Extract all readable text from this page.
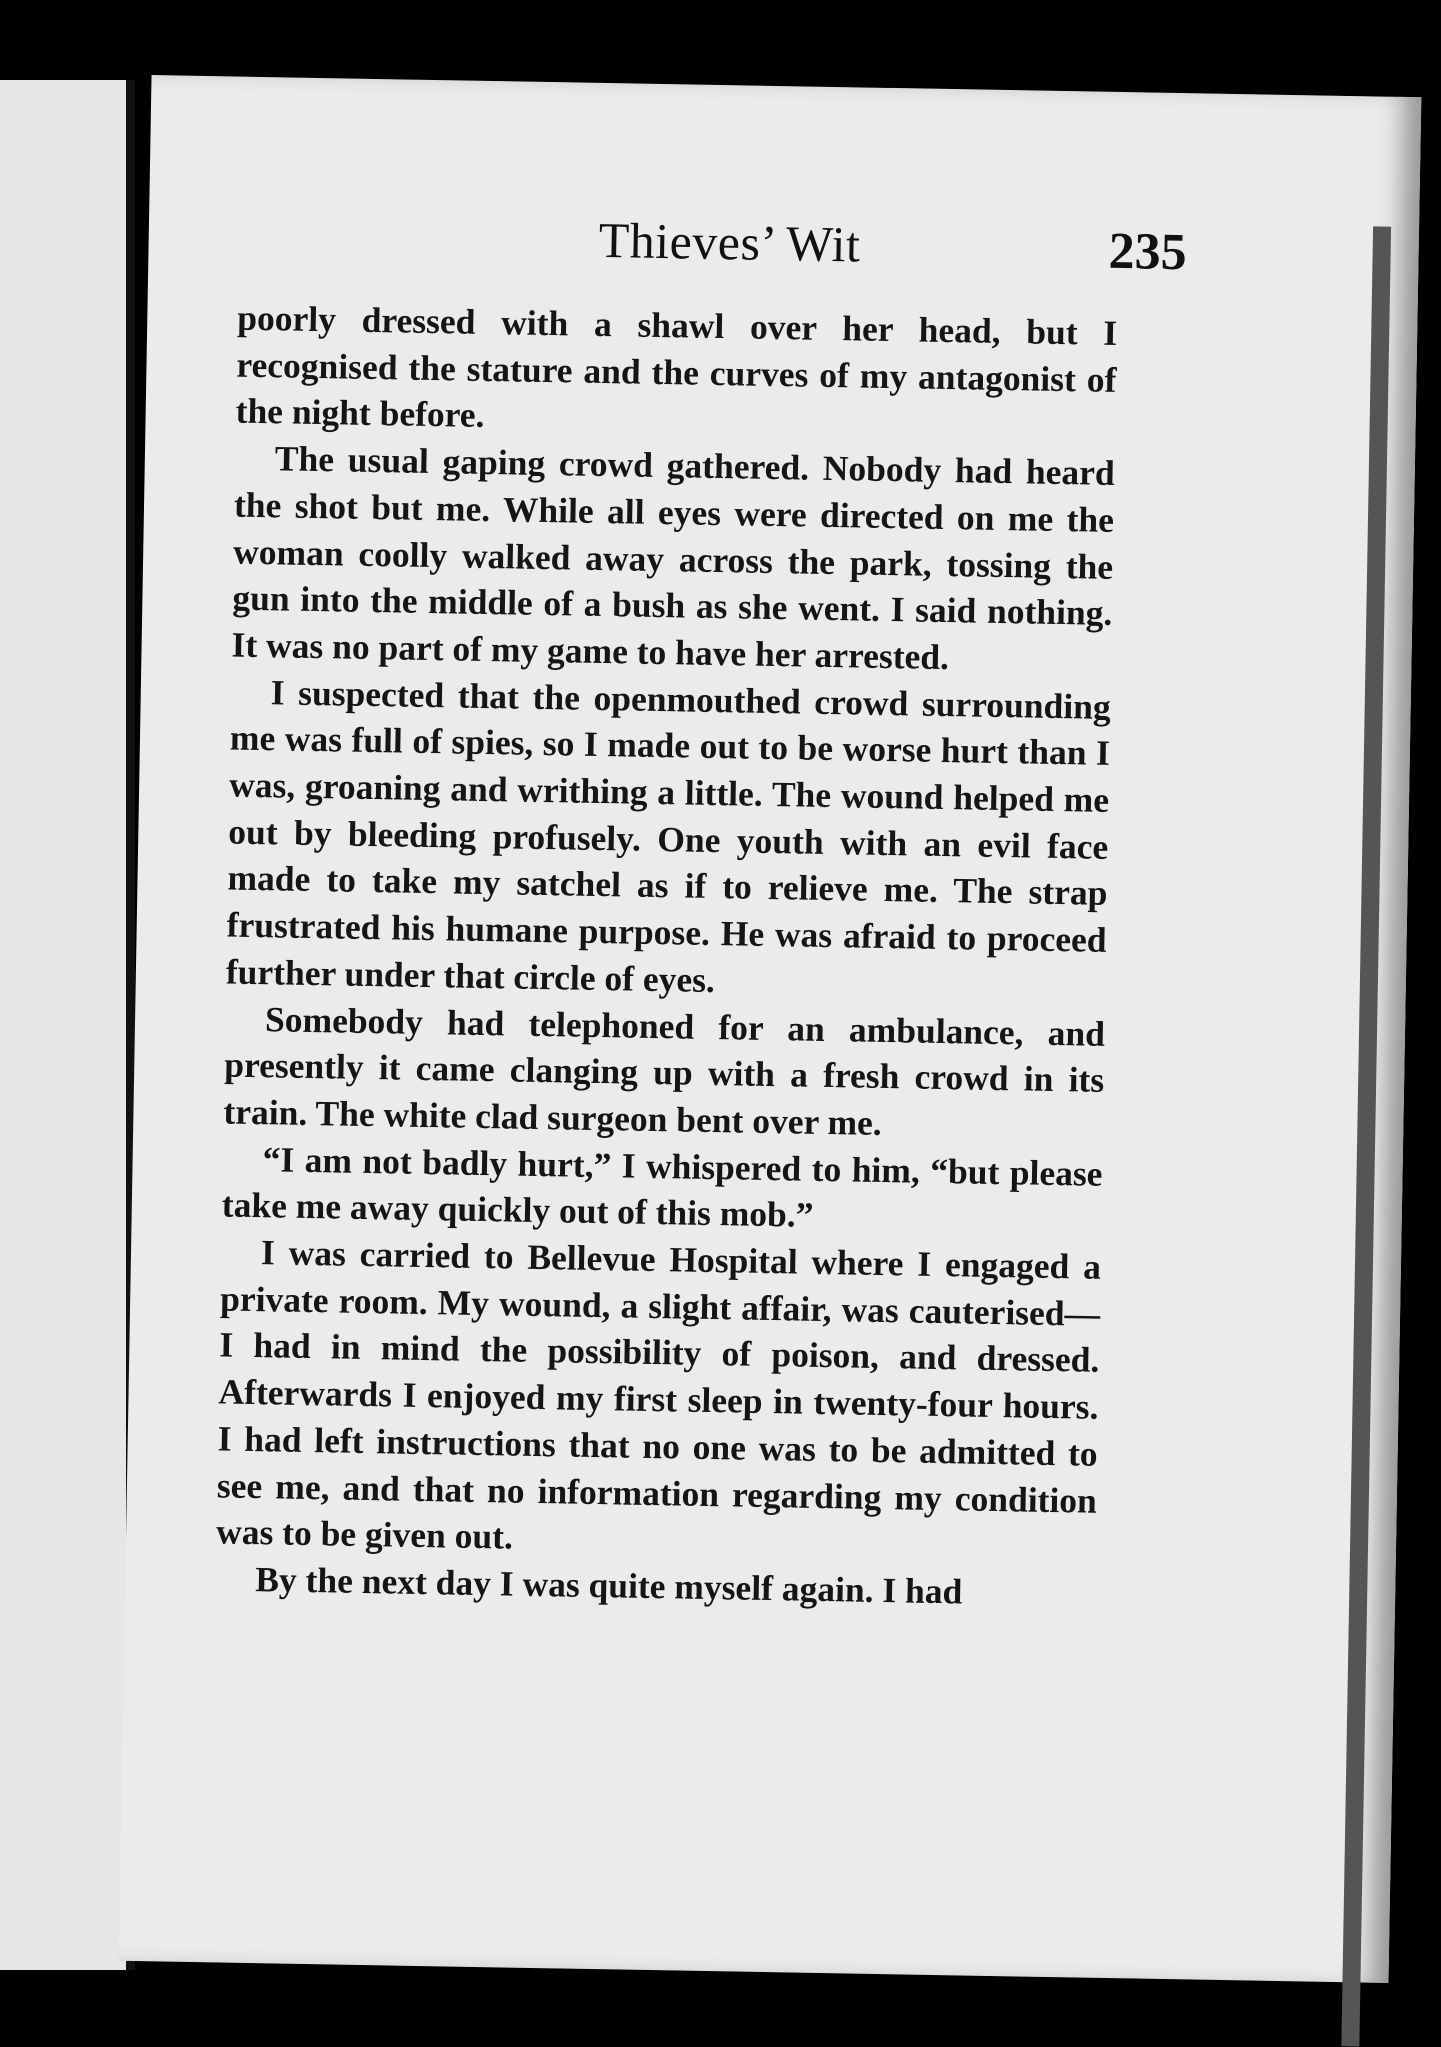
Thieves’ Wit	235

poorly dressed with a shawl over her head, but I recognised the stature and the curves of my antagonist of the night before.

The usual gaping crowd gathered. Nobody had heard the shot but me. While all eyes were directed on me the woman coolly walked away across the park, tossing the gun into the middle of a bush as she went. I said nothing. It was no part of my game to have her arrested.

I suspected that the openmouthed crowd surrounding me was full of spies, so I made out to be worse hurt than I was, groaning and writhing a little. The wound helped me out by bleeding profusely. One youth with an evil face made to take my satchel as if to relieve me. The strap frustrated his humane purpose. He was afraid to proceed further under that circle of eyes.

Somebody had telephoned for an ambulance, and presently it came clanging up with a fresh crowd in its train. The white clad surgeon bent over me.

“I am not badly hurt,” I whispered to him, “but please take me away quickly out of this mob.”

I was carried to Bellevue Hospital where I engaged a private room. My wound, a slight affair, was cauterised—I had in mind the possibility of poison, and dressed. Afterwards I enjoyed my first sleep in twenty-four hours. I had left instructions that no one was to be admitted to see me, and that no information regarding my condition was to be given out.

By the next day I was quite myself again. I had
